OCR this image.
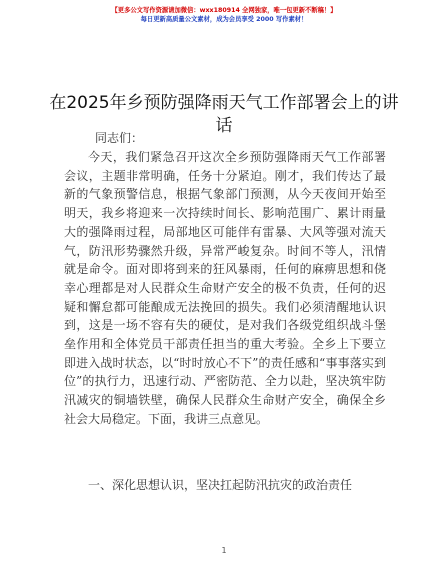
【更多公文写作资源请加微信：wxx180914 全网独家，唯一包更新不断稿！】
每日更新高质量公文素材，成为会员享受 2000 写作素材！
在2025年乡预防强降雨天气工作部署会上的讲话
同志们：

今天，我们紧急召开这次全乡预防强降雨天气工作部署会议，主题非常明确，任务十分紧迫。刚才，我们传达了最新的气象预警信息，根据气象部门预测，从今天夜间开始至明天，我乡将迎来一次持续时间长、影响范围广、累计雨量大的强降雨过程，局部地区可能伴有雷暴、大风等强对流天气，防汛形势骤然升级，异常严峻复杂。时间不等人，汛情就是命令。面对即将到来的狂风暴雨，任何的麻痹思想和侥幸心理都是对人民群众生命财产安全的极不负责，任何的迟疑和懈怠都可能酿成无法挽回的损失。我们必须清醒地认识到，这是一场不容有失的硬仗，是对我们各级党组织战斗堡垒作用和全体党员干部责任担当的重大考验。全乡上下要立即进入战时状态，以“时时放心不下”的责任感和“事事落实到位”的执行力，迅速行动、严密防范、全力以赴，坚决筑牢防汛减灾的铜墙铁壁，确保人民群众生命财产安全，确保全乡社会大局稳定。下面，我讲三点意见。

一、深化思想认识，坚决扛起防汛抗灾的政治责任
1
